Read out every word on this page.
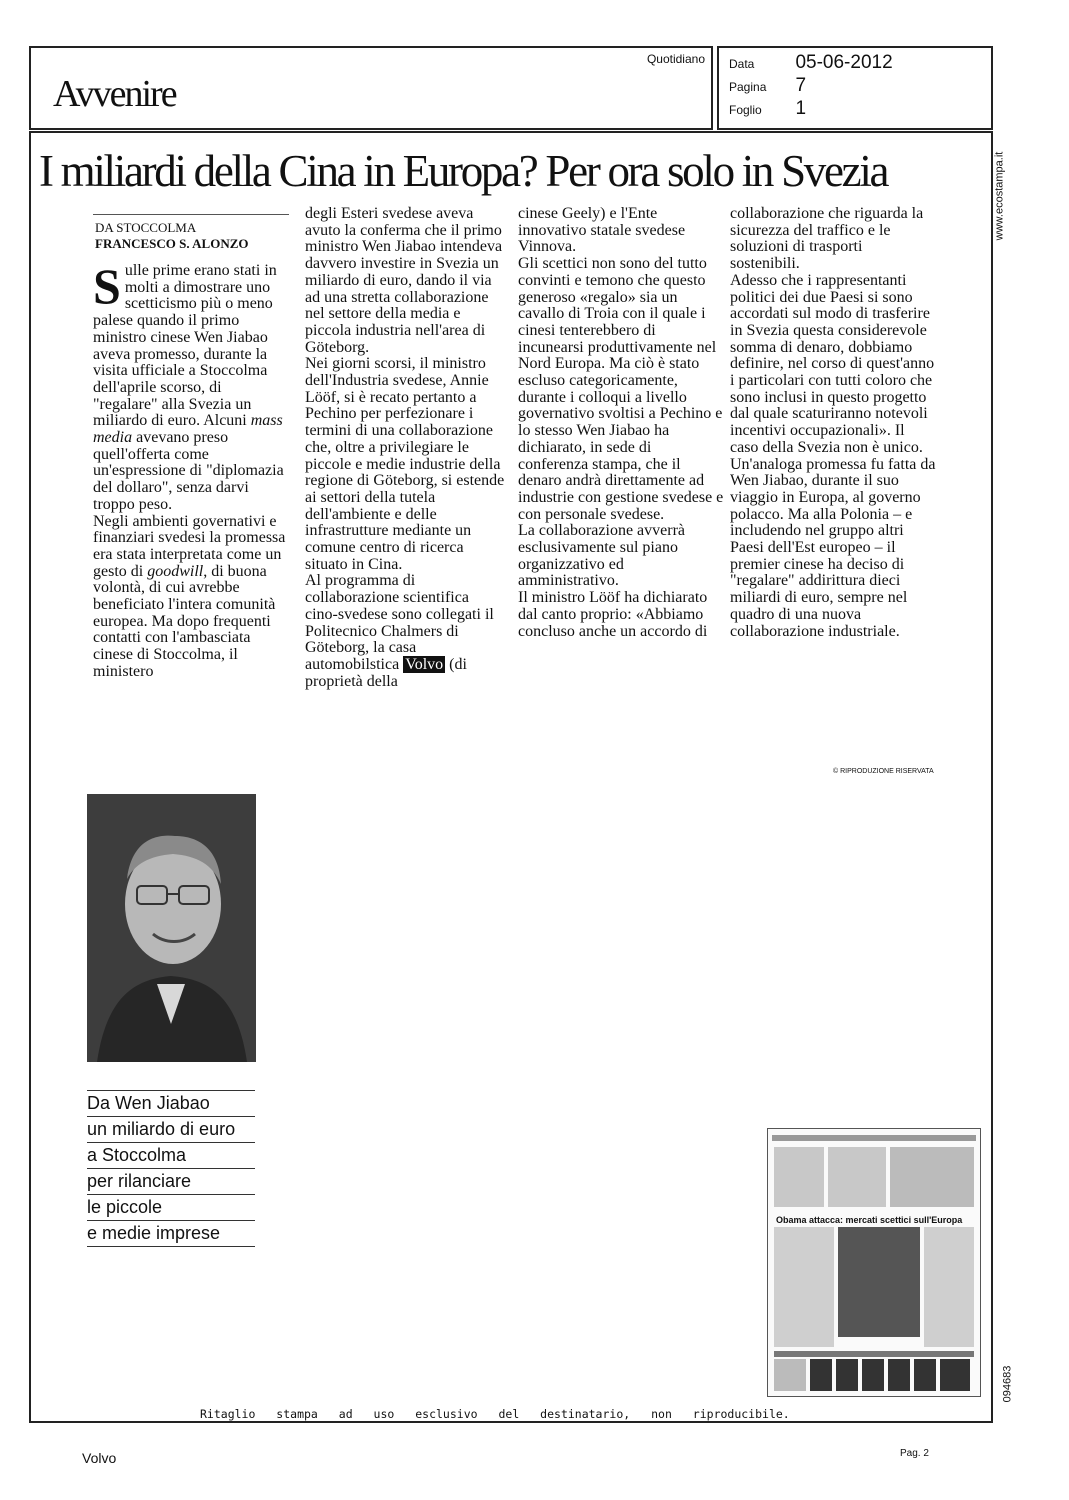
Avvenire
Quotidiano Data 05-06-2012
Pagina 7
Foglio 1
www.ecostampa.it
094683
I miliardi della Cina in Europa? Per ora solo in Svezia
DA STOCCOLMA
FRANCESCO S. ALONZO

Sulle prime erano stati in molti a dimostrare uno scetticismo più o meno palese quando il primo ministro cinese Wen Jiabao aveva promesso, durante la visita ufficiale a Stoccolma dell'aprile scorso, di "regalare" alla Svezia un miliardo di euro. Alcuni mass media avevano preso quell'offerta come un'espressione di "diplomazia del dollaro", senza darvi troppo peso.

Negli ambienti governativi e finanziari svedesi la promessa era stata interpretata come un gesto di goodwill, di buona volontà, di cui avrebbe beneficiato l'intera comunità europea. Ma dopo frequenti contatti con l'ambasciata cinese di Stoccolma, il ministero

degli Esteri svedese aveva avuto la conferma che il primo ministro Wen Jiabao intendeva davvero investire in Svezia un miliardo di euro, dando il via ad una stretta collaborazione nel settore della media e piccola industria nell'area di Göteborg.

Nei giorni scorsi, il ministro dell'Industria svedese, Annie Lööf, si è recato pertanto a Pechino per perfezionare i termini di una collaborazione che, oltre a privilegiare le piccole e medie industrie della regione di Göteborg, si estende ai settori della tutela dell'ambiente e delle infrastrutture mediante un comune centro di ricerca situato in Cina.

Al programma di collaborazione scientifica cino-svedese sono collegati il Politecnico Chalmers di Göteborg, la casa automobilstica Volvo (di proprietà della

cinese Geely) e l'Ente innovativo statale svedese Vinnova.

Gli scettici non sono del tutto convinti e temono che questo generoso «regalo» sia un cavallo di Troia con il quale i cinesi tenterebbero di incunearsi produttivamente nel Nord Europa. Ma ciò è stato escluso categoricamente, durante i colloqui a livello governativo svoltisi a Pechino e lo stesso Wen Jiabao ha dichiarato, in sede di conferenza stampa, che il denaro andrà direttamente ad industrie con gestione svedese e con personale svedese.

La collaborazione avverrà esclusivamente sul piano organizzativo ed amministrativo.

Il ministro Lööf ha dichiarato dal canto proprio: «Abbiamo concluso anche un accordo di

collaborazione che riguarda la sicurezza del traffico e le soluzioni di trasporti sostenibili.

Adesso che i rappresentanti politici dei due Paesi si sono accordati sul modo di trasferire in Svezia questa considerevole somma di denaro, dobbiamo definire, nel corso di quest'anno i particolari con tutti coloro che sono inclusi in questo progetto dal quale scaturiranno notevoli incentivi occupazionali». Il caso della Svezia non è unico.

Un'analoga promessa fu fatta da Wen Jiabao, durante il suo viaggio in Europa, al governo polacco. Ma alla Polonia – e includendo nel gruppo altri Paesi dell'Est europeo – il premier cinese ha deciso di "regalare" addirittura dieci miliardi di euro, sempre nel quadro di una nuova collaborazione industriale.

© RIPRODUZIONE RISERVATA
Da Wen Jiabao
un miliardo di euro
a Stoccolma
per rilanciare
le piccole
e medie imprese
Obama attacca: mercati scettici sull'Europa
Ritaglio stampa ad uso esclusivo del destinatario, non riproducibile.
Volvo	Pag. 2
